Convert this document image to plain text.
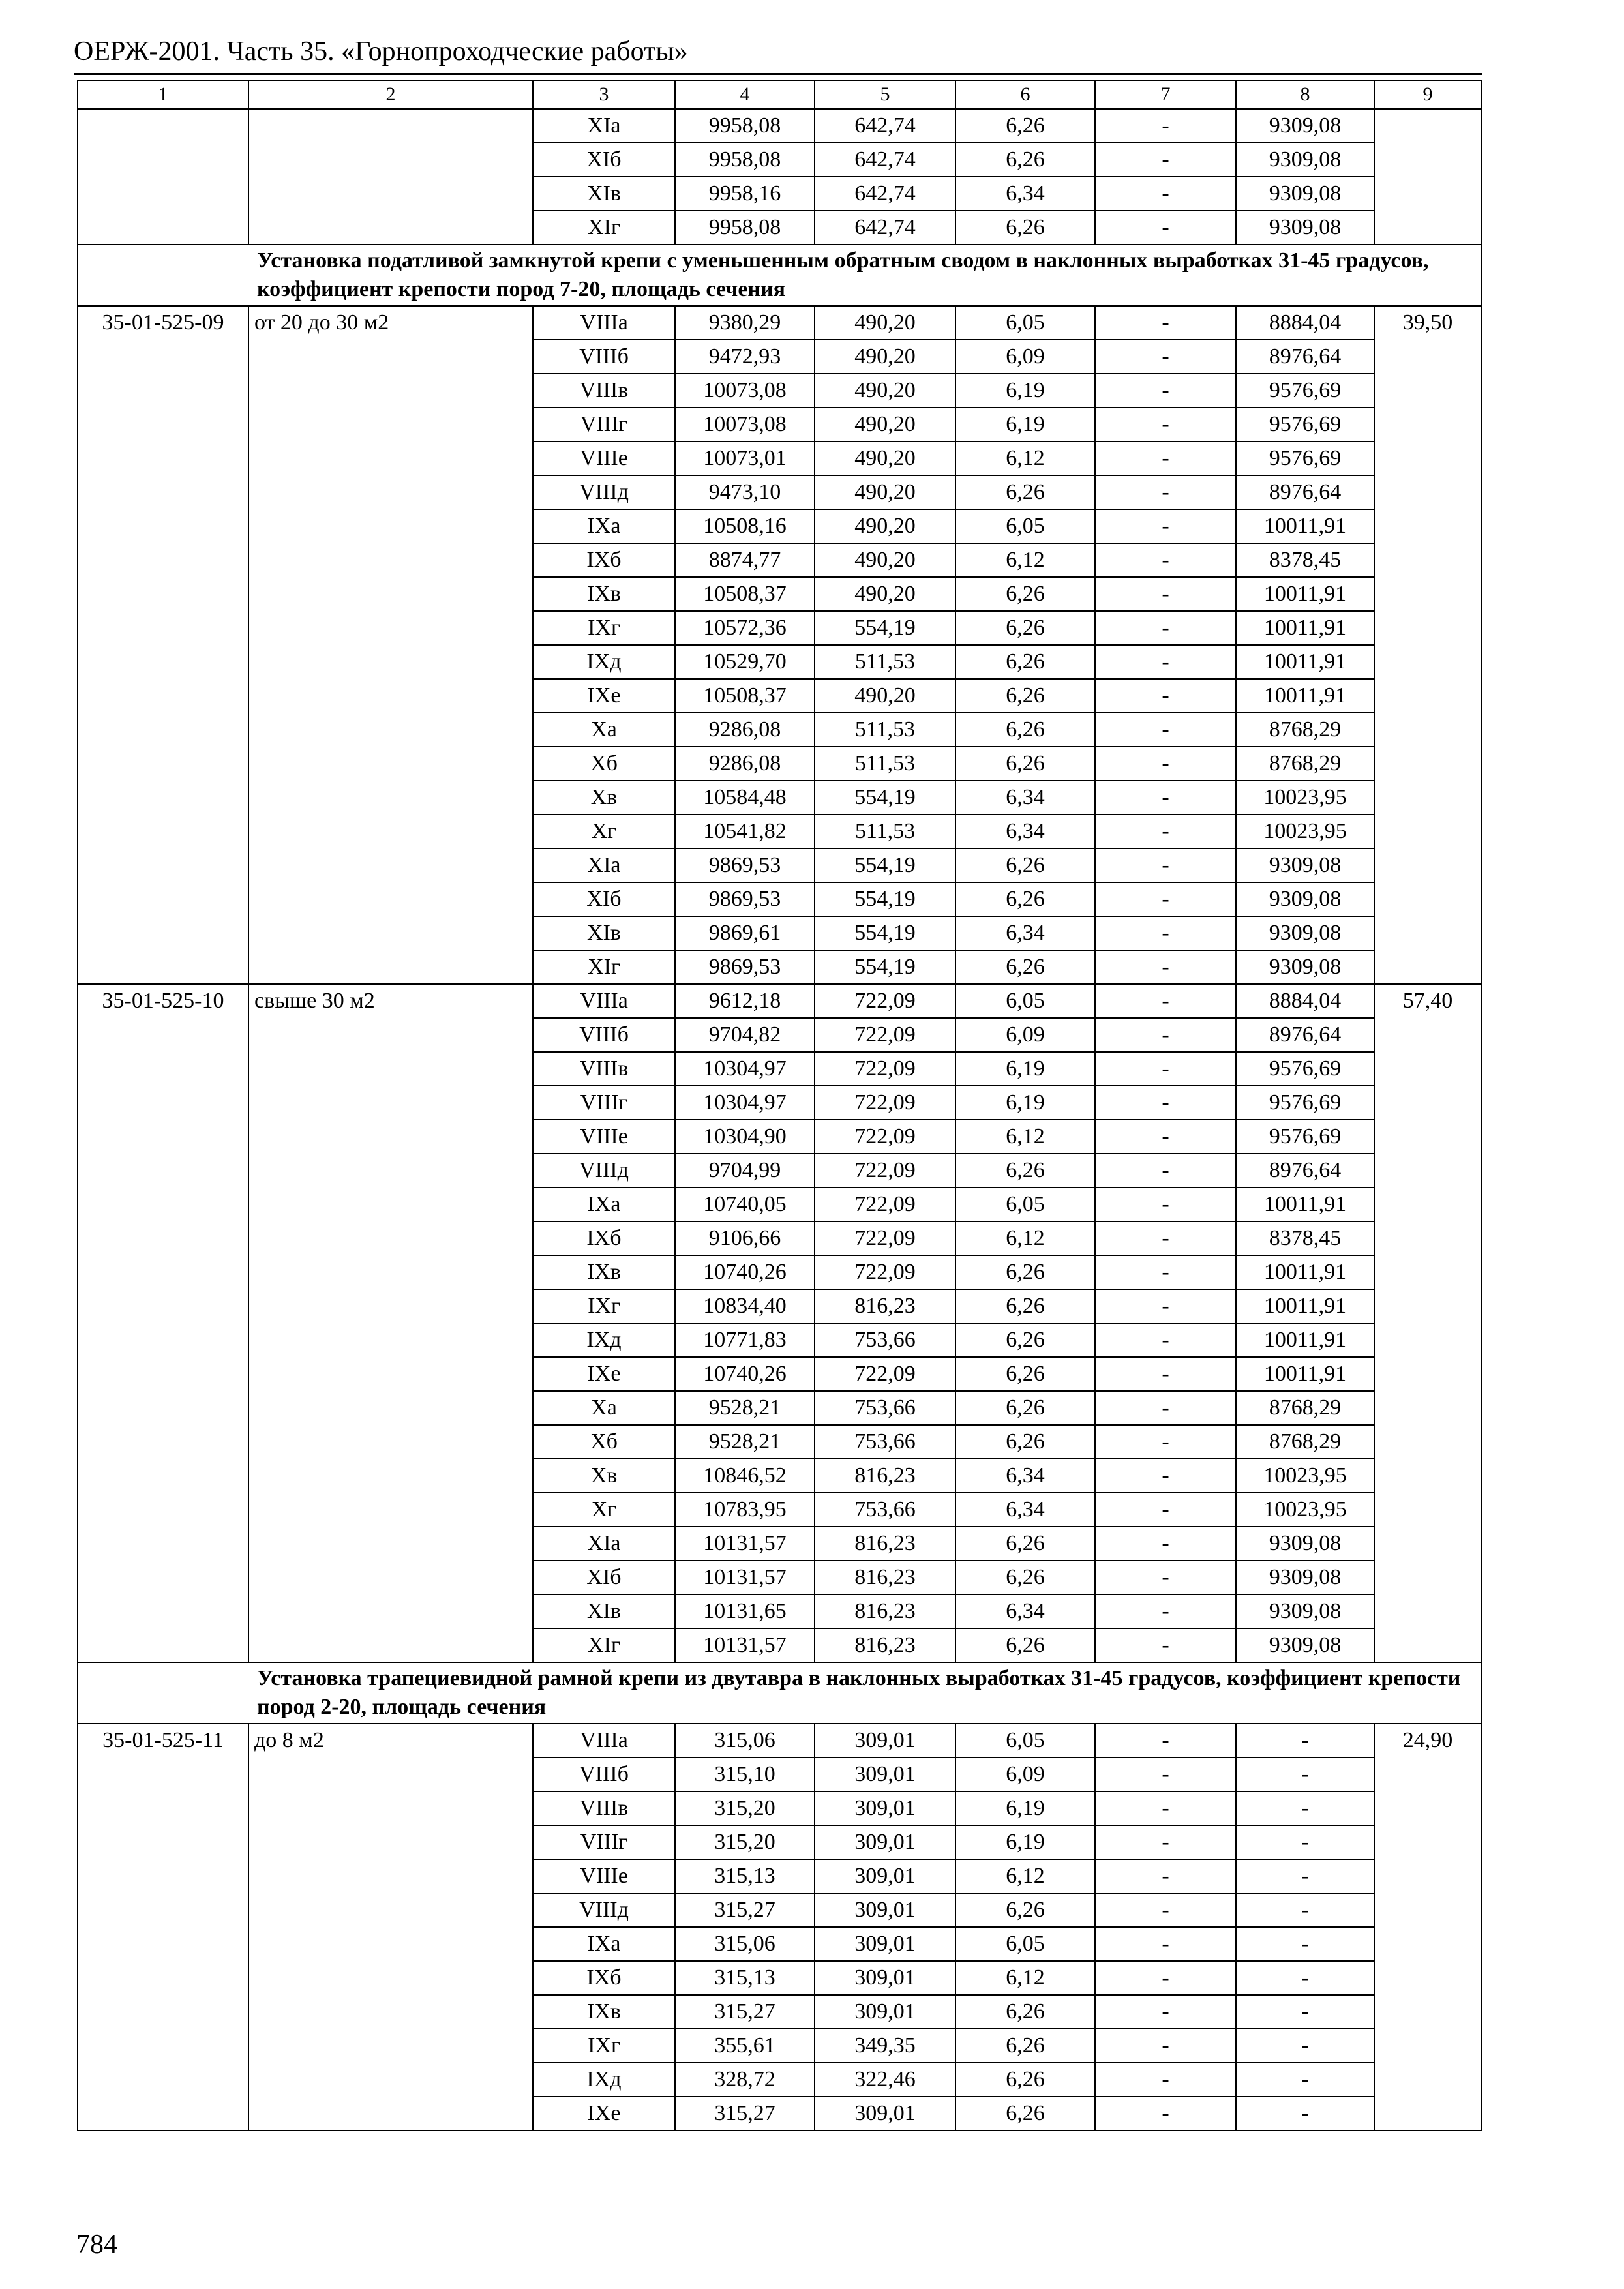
ОЕРЖ-2001. Часть 35. «Горнопроходческие работы»
1	2	3	4	5	6	7	8	9
		XIа	9958,08	642,74	6,26	-	9309,08	
		XIб	9958,08	642,74	6,26	-	9309,08	
		XIв	9958,16	642,74	6,34	-	9309,08	
		XIг	9958,08	642,74	6,26	-	9309,08	

Установка податливой замкнутой крепи с уменьшенным обратным сводом в наклонных выработках 31-45 градусов, коэффициент крепости пород 7-20, площадь сечения								

35-01-525-09	от 20 до 30 м2	VIIIа	9380,29	490,20	6,05	-	8884,04	39,50
		VIIIб	9472,93	490,20	6,09	-	8976,64	
		VIIIв	10073,08	490,20	6,19	-	9576,69	
		VIIIг	10073,08	490,20	6,19	-	9576,69	
		VIIIе	10073,01	490,20	6,12	-	9576,69	
		VIIIд	9473,10	490,20	6,26	-	8976,64	
		IXа	10508,16	490,20	6,05	-	10011,91	
		IXб	8874,77	490,20	6,12	-	8378,45	
		IXв	10508,37	490,20	6,26	-	10011,91	
		IXг	10572,36	554,19	6,26	-	10011,91	
		IXд	10529,70	511,53	6,26	-	10011,91	
		IXе	10508,37	490,20	6,26	-	10011,91	
		Xа	9286,08	511,53	6,26	-	8768,29	
		Xб	9286,08	511,53	6,26	-	8768,29	
		Xв	10584,48	554,19	6,34	-	10023,95	
		Xг	10541,82	511,53	6,34	-	10023,95	
		XIа	9869,53	554,19	6,26	-	9309,08	
		XIб	9869,53	554,19	6,26	-	9309,08	
		XIв	9869,61	554,19	6,34	-	9309,08	
		XIг	9869,53	554,19	6,26	-	9309,08	
35-01-525-10	свыше 30 м2	VIIIа	9612,18	722,09	6,05	-	8884,04	57,40
		VIIIб	9704,82	722,09	6,09	-	8976,64	
		VIIIв	10304,97	722,09	6,19	-	9576,69	
		VIIIг	10304,97	722,09	6,19	-	9576,69	
		VIIIе	10304,90	722,09	6,12	-	9576,69	
		VIIIд	9704,99	722,09	6,26	-	8976,64	
		IXа	10740,05	722,09	6,05	-	10011,91	
		IXб	9106,66	722,09	6,12	-	8378,45	
		IXв	10740,26	722,09	6,26	-	10011,91	
		IXг	10834,40	816,23	6,26	-	10011,91	
		IXд	10771,83	753,66	6,26	-	10011,91	
		IXе	10740,26	722,09	6,26	-	10011,91	
		Xа	9528,21	753,66	6,26	-	8768,29	
		Xб	9528,21	753,66	6,26	-	8768,29	
		Xв	10846,52	816,23	6,34	-	10023,95	
		Xг	10783,95	753,66	6,34	-	10023,95	
		XIа	10131,57	816,23	6,26	-	9309,08	
		XIб	10131,57	816,23	6,26	-	9309,08	
		XIв	10131,65	816,23	6,34	-	9309,08	
		XIг	10131,57	816,23	6,26	-	9309,08	

Установка трапециевидной рамной крепи из двутавра в наклонных выработках 31-45 градусов, коэффициент крепости пород 2-20, площадь сечения								

35-01-525-11	до 8 м2	VIIIа	315,06	309,01	6,05	-	-	24,90
		VIIIб	315,10	309,01	6,09	-	-	
		VIIIв	315,20	309,01	6,19	-	-	
		VIIIг	315,20	309,01	6,19	-	-	
		VIIIе	315,13	309,01	6,12	-	-	
		VIIIд	315,27	309,01	6,26	-	-	
		IXа	315,06	309,01	6,05	-	-	
		IXб	315,13	309,01	6,12	-	-	
		IXв	315,27	309,01	6,26	-	-	
		IXг	355,61	349,35	6,26	-	-	
		IXд	328,72	322,46	6,26	-	-	
		IXе	315,27	309,01	6,26	-	-	
784
